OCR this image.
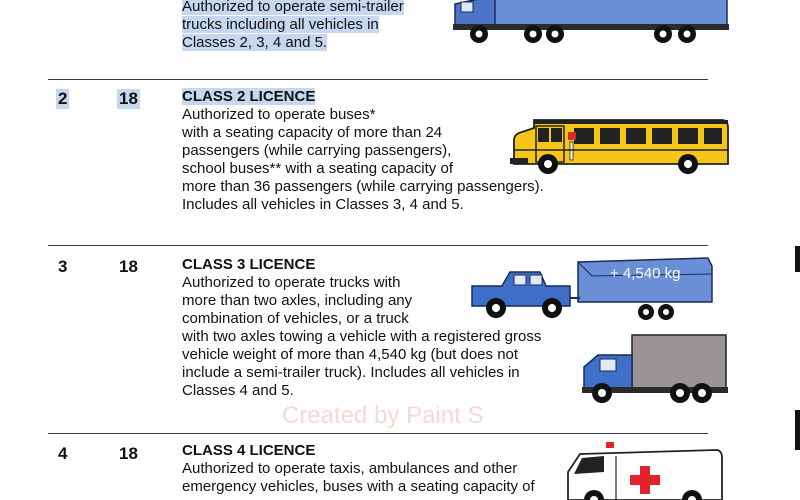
Created by Paint S
Authorized to operate semi-trailer
trucks including all vehicles in
Classes 2, 3, 4 and 5.
2	18	CLASS 2 LICENCE
Authorized to operate buses*
with a seating capacity of more than 24
passengers (while carrying passengers),
school buses** with a seating capacity of
more than 36 passengers (while carrying passengers).
Includes all vehicles in Classes 3, 4 and 5.
3	18	CLASS 3 LICENCE
Authorized to operate trucks with
more than two axles, including any
combination of vehicles, or a truck
with two axles towing a vehicle with a registered gross
vehicle weight of more than 4,540 kg (but does not
include a semi-trailer truck). Includes all vehicles in
Classes 4 and 5.
+ 4,540 kg
4	18	CLASS 4 LICENCE
Authorized to operate taxis, ambulances and other
emergency vehicles, buses with a seating capacity of
